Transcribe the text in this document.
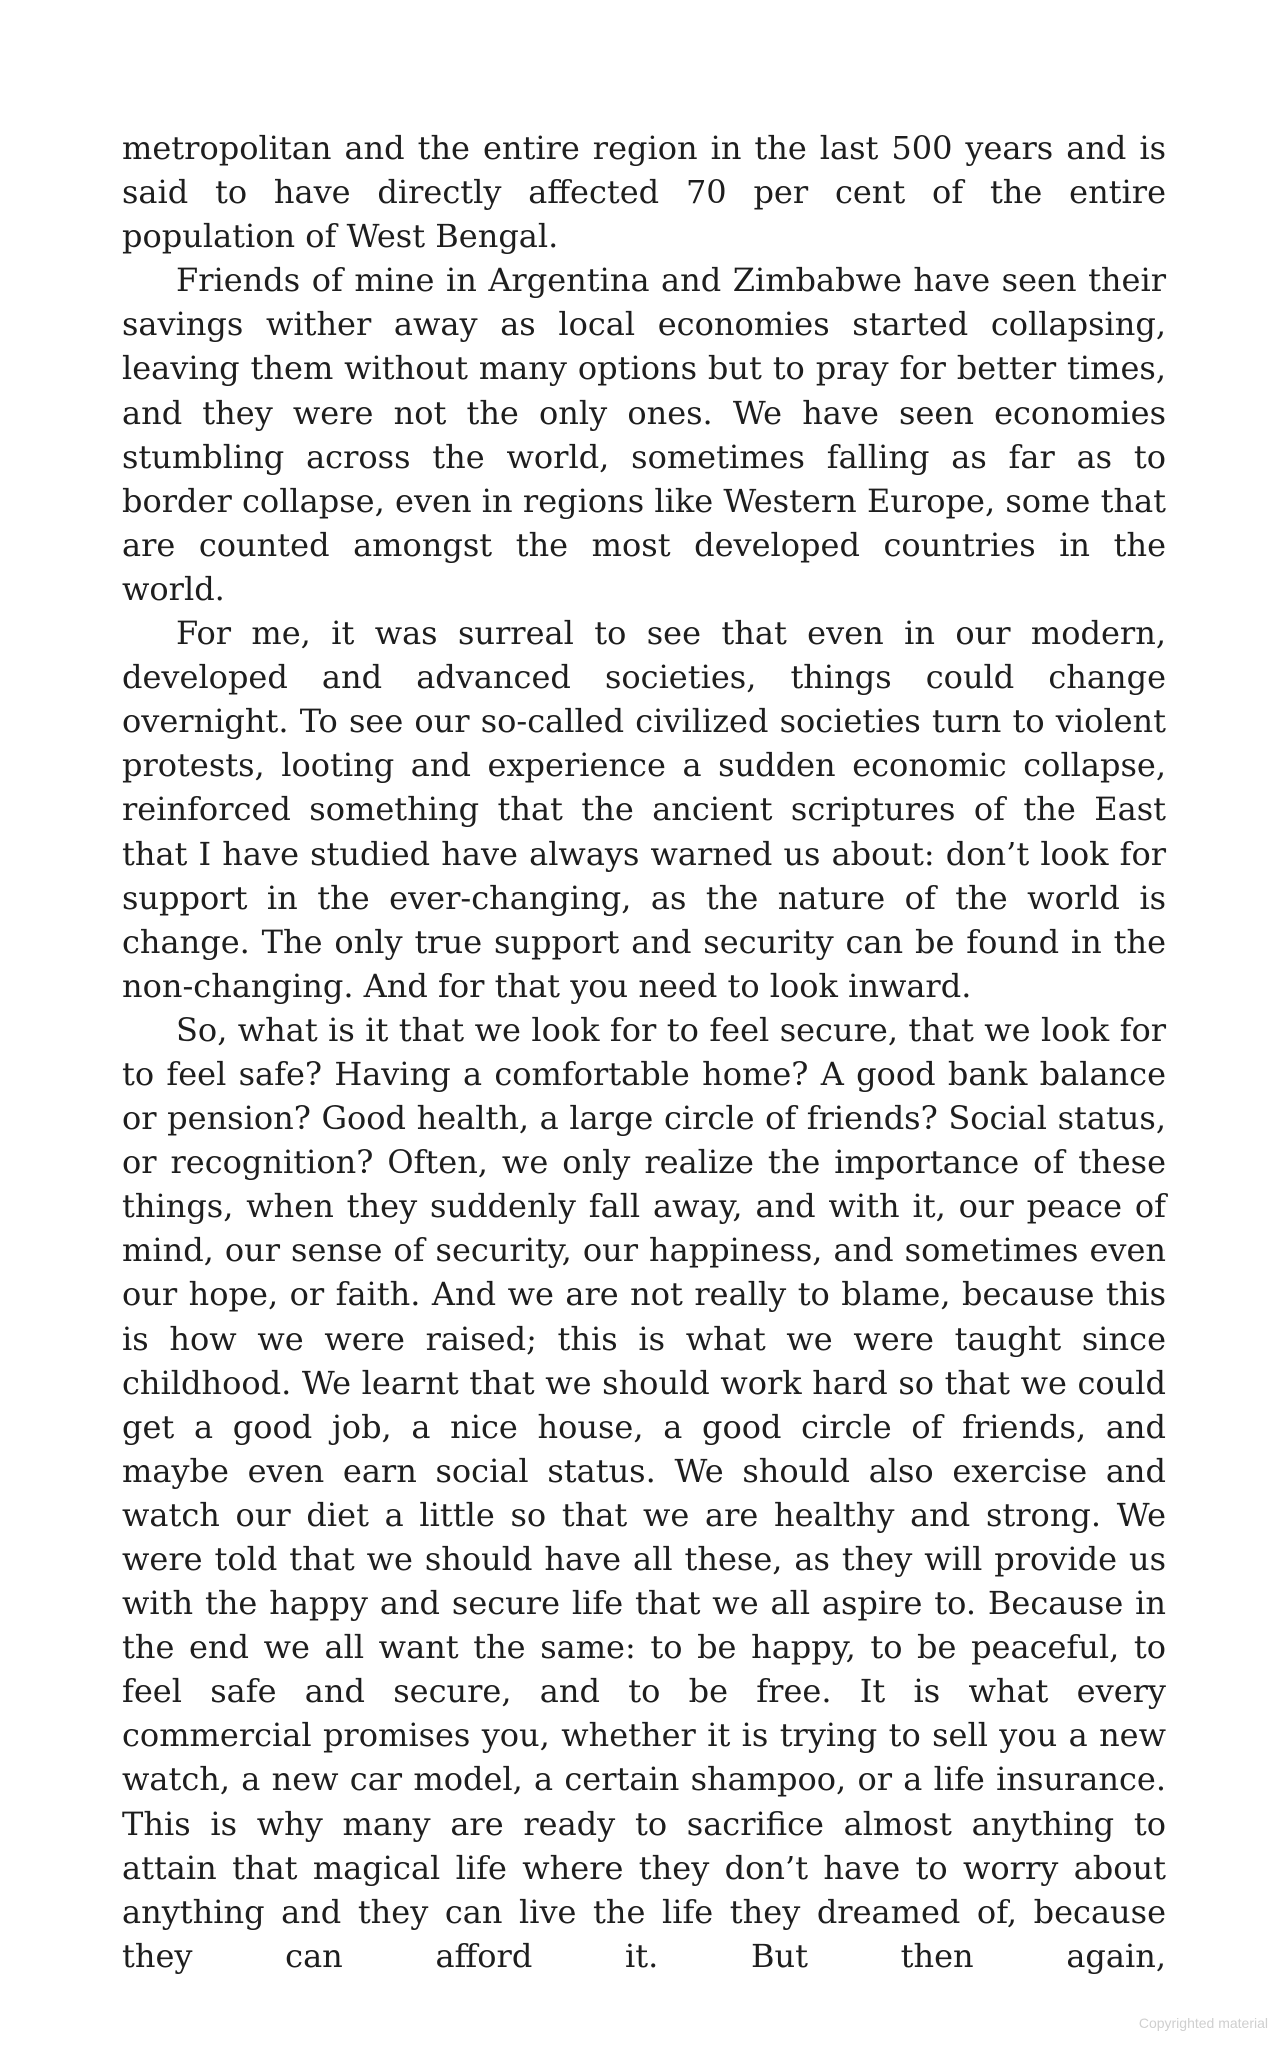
metropolitan and the entire region in the last 500 years and is said to have directly affected 70 per cent of the entire population of West Bengal.

Friends of mine in Argentina and Zimbabwe have seen their savings wither away as local economies started collapsing, leaving them without many options but to pray for better times, and they were not the only ones. We have seen economies stumbling across the world, sometimes falling as far as to border collapse, even in regions like Western Europe, some that are counted amongst the most developed countries in the world.

For me, it was surreal to see that even in our modern, developed and advanced societies, things could change overnight. To see our so-called civilized societies turn to violent protests, looting and experience a sudden economic collapse, reinforced something that the ancient scriptures of the East that I have studied have always warned us about: don’t look for support in the ever-changing, as the nature of the world is change. The only true support and security can be found in the non-changing. And for that you need to look inward.

So, what is it that we look for to feel secure, that we look for to feel safe? Having a comfortable home? A good bank balance or pension? Good health, a large circle of friends? Social status, or recognition? Often, we only realize the importance of these things, when they suddenly fall away, and with it, our peace of mind, our sense of security, our happiness, and sometimes even our hope, or faith. And we are not really to blame, because this is how we were raised; this is what we were taught since childhood. We learnt that we should work hard so that we could get a good job, a nice house, a good circle of friends, and maybe even earn social status. We should also exercise and watch our diet a little so that we are healthy and strong. We were told that we should have all these, as they will provide us with the happy and secure life that we all aspire to. Because in the end we all want the same: to be happy, to be peaceful, to feel safe and secure, and to be free. It is what every commercial promises you, whether it is trying to sell you a new watch, a new car model, a certain shampoo, or a life insurance. This is why many are ready to sacrifice almost anything to attain that magical life where they don’t have to worry about anything and they can live the life they dreamed of, because they can afford it. But then again,

Copyrighted material
